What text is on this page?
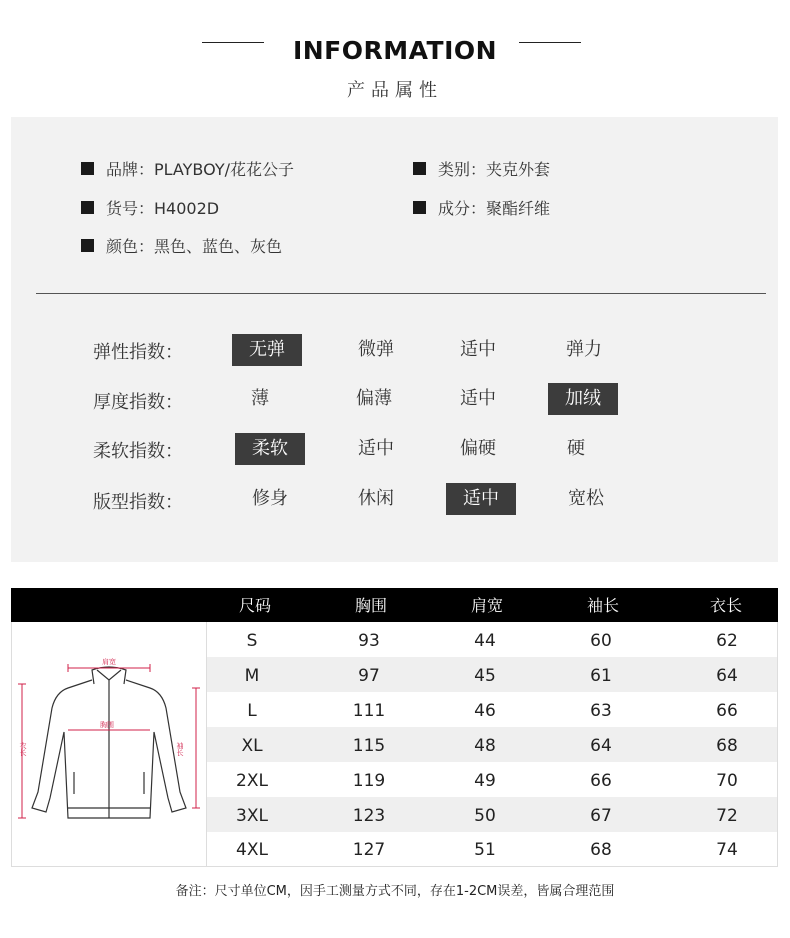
INFORMATION
产品属性
品牌：PLAYBOY/花花公子	类别：夹克外套
货号：H4002D	成分：聚酯纤维
颜色：黑色、蓝色、灰色
弹性指数：	无弹	微弹	适中	弹力
厚度指数：	薄	偏薄	适中	加绒
柔软指数：	柔软	适中	偏硬	硬
版型指数：	修身	休闲	适中	宽松
尺码	胸围	肩宽	袖长	衣长
肩宽
胸围
衣长	袖长
S	93	44	60	62
M	97	45	61	64
L	111	46	63	66
XL	115	48	64	68
2XL	119	49	66	70
3XL	123	50	67	72
4XL	127	51	68	74
备注：尺寸单位CM，因手工测量方式不同，存在1-2CM误差，皆属合理范围
